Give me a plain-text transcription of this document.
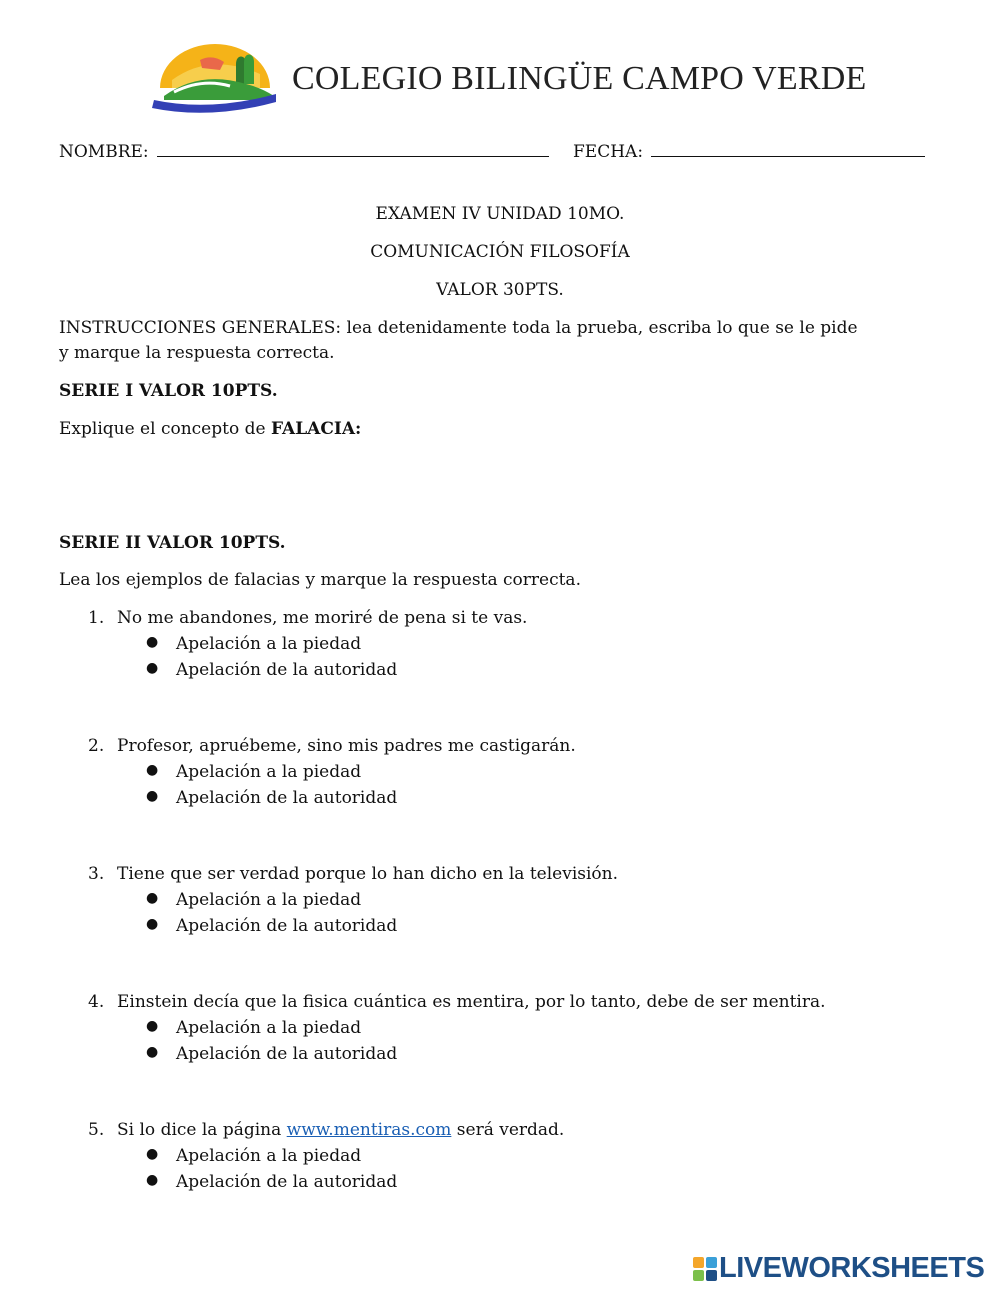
COLEGIO BILINGÜE CAMPO VERDE
NOMBRE:	FECHA:
EXAMEN IV UNIDAD 10MO.
COMUNICACIÓN FILOSOFÍA
VALOR 30PTS.
INSTRUCCIONES GENERALES: lea detenidamente toda la prueba, escriba lo que se le pide
y marque la respuesta correcta.
SERIE I VALOR 10PTS.
Explique el concepto de FALACIA:
SERIE II VALOR 10PTS.
Lea los ejemplos de falacias y marque la respuesta correcta.
1. No me abandones, me moriré de pena si te vas.
● Apelación a la piedad
● Apelación de la autoridad
2. Profesor, apruébeme, sino mis padres me castigarán.
● Apelación a la piedad
● Apelación de la autoridad
3. Tiene que ser verdad porque lo han dicho en la televisión.
● Apelación a la piedad
● Apelación de la autoridad
4. Einstein decía que la fisica cuántica es mentira, por lo tanto, debe de ser mentira.
● Apelación a la piedad
● Apelación de la autoridad
5. Si lo dice la página www.mentiras.com será verdad.
● Apelación a la piedad
● Apelación de la autoridad
LIVEWORKSHEETS
